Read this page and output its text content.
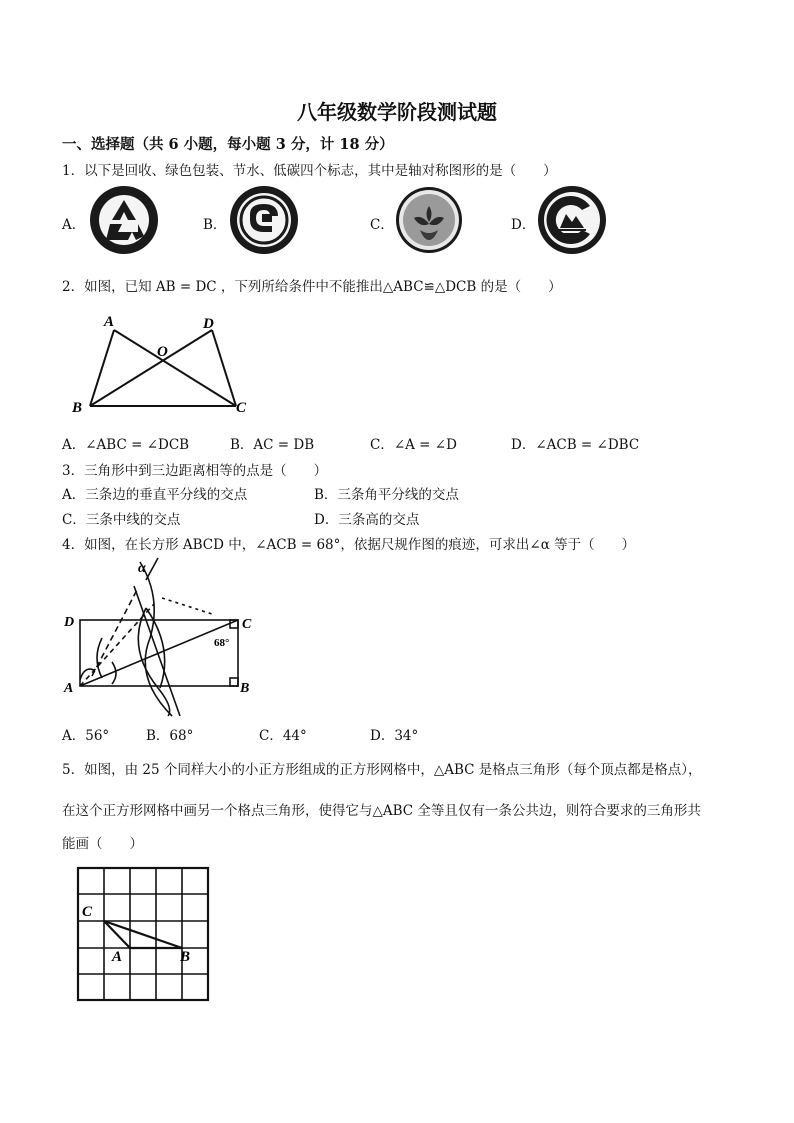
八年级数学阶段测试题
一、选择题（共 6 小题，每小题 3 分，计 18 分）
1．以下是回收、绿色包装、节水、低碳四个标志，其中是轴对称图形的是（　　）
A．	B．	C．	D．
2．如图，已知 AB = DC ，下列所给条件中不能推出△ABC≌△DCB 的是（　　）
A	D
O
B	C
A．∠ABC = ∠DCB	B．AC = DB	C．∠A = ∠D	D．∠ACB = ∠DBC
3．三角形中到三边距离相等的点是（　　）
A．三条边的垂直平分线的交点	B．三条角平分线的交点
C．三条中线的交点	D．三条高的交点
4．如图，在长方形 ABCD 中，∠ACB = 68°，依据尺规作图的痕迹，可求出∠α 等于（　　）
α
D	C
68°
A	B
A．56°	B．68°	C．44°	D．34°
5．如图，由 25 个同样大小的小正方形组成的正方形网格中，△ABC 是格点三角形（每个顶点都是格点），
在这个正方形网格中画另一个格点三角形，使得它与△ABC 全等且仅有一条公共边，则符合要求的三角形共
能画（　　）
C
A	B
